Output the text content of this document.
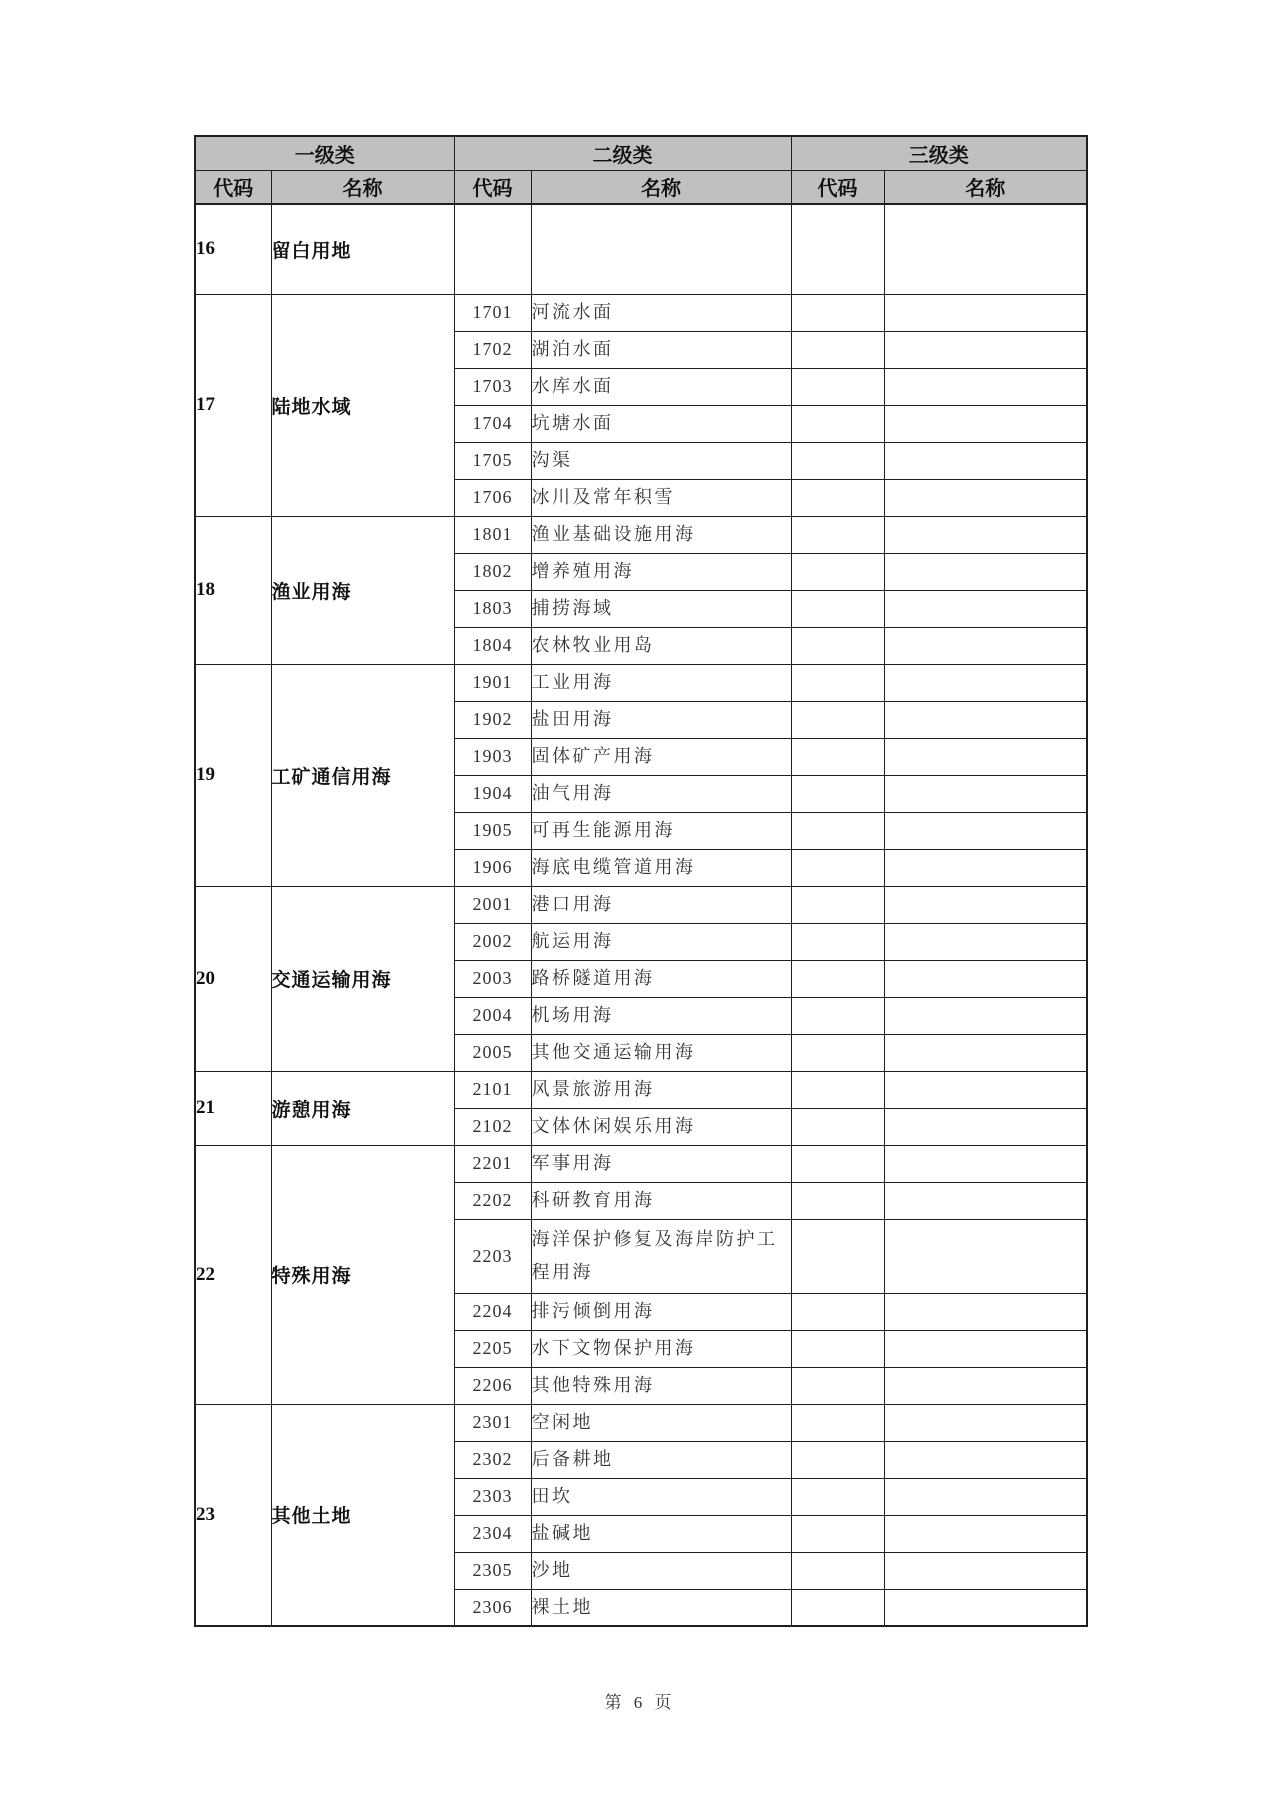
一级类		二级类		三级类	
代码	名称	代码	名称	代码	名称
16	留白用地				
17	陆地水域	1701	河流水面		
		1702	湖泊水面		
		1703	水库水面		
		1704	坑塘水面		
		1705	沟渠		
		1706	冰川及常年积雪		
18	渔业用海	1801	渔业基础设施用海		
		1802	增养殖用海		
		1803	捕捞海域		
		1804	农林牧业用岛		
19	工矿通信用海	1901	工业用海		
		1902	盐田用海		
		1903	固体矿产用海		
		1904	油气用海		
		1905	可再生能源用海		
		1906	海底电缆管道用海		
20	交通运输用海	2001	港口用海		
		2002	航运用海		
		2003	路桥隧道用海		
		2004	机场用海		
		2005	其他交通运输用海		
21	游憩用海	2101	风景旅游用海		
		2102	文体休闲娱乐用海		
22	特殊用海	2201	军事用海		
		2202	科研教育用海		
		2203	海洋保护修复及海岸防护工程用海		
		2204	排污倾倒用海		
		2205	水下文物保护用海		
		2206	其他特殊用海		
23	其他土地	2301	空闲地		
		2302	后备耕地		
		2303	田坎		
		2304	盐碱地		
		2305	沙地		
		2306	裸土地		
第 6 页
